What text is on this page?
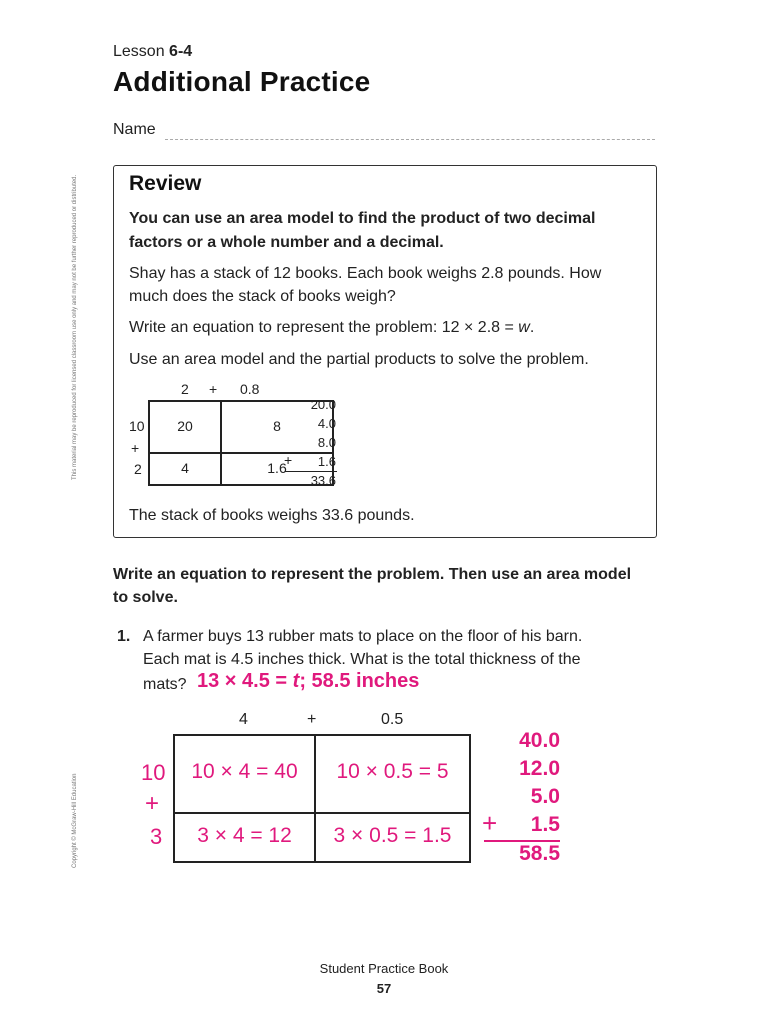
This material may be reproduced for licensed classroom use only and may not be further reproduced or distributed.
Copyright © McGraw-Hill Education
Lesson 6-4
Additional Practice
Name
Review
You can use an area model to find the product of two decimal
factors or a whole number and a decimal.
Shay has a stack of 12 books. Each book weighs 2.8 pounds. How
much does the stack of books weigh?
Write an equation to represent the problem: 12 × 2.8 = w.
Use an area model and the partial products to solve the problem.
2 + 0.8
10
+
2
20	8
4	1.6
20.0
4.0
8.0
+	1.6
33.6
The stack of books weighs 33.6 pounds.
Write an equation to represent the problem. Then use an area model
to solve.
1. A farmer buys 13 rubber mats to place on the floor of his barn.
Each mat is 4.5 inches thick. What is the total thickness of the
mats? 13 × 4.5 = t; 58.5 inches
4	+	0.5
10
+
3
10 × 4 = 40	10 × 0.5 = 5
3 × 4 = 12	3 × 0.5 = 1.5
40.0
12.0
5.0
+	1.5
58.5
Student Practice Book
57
